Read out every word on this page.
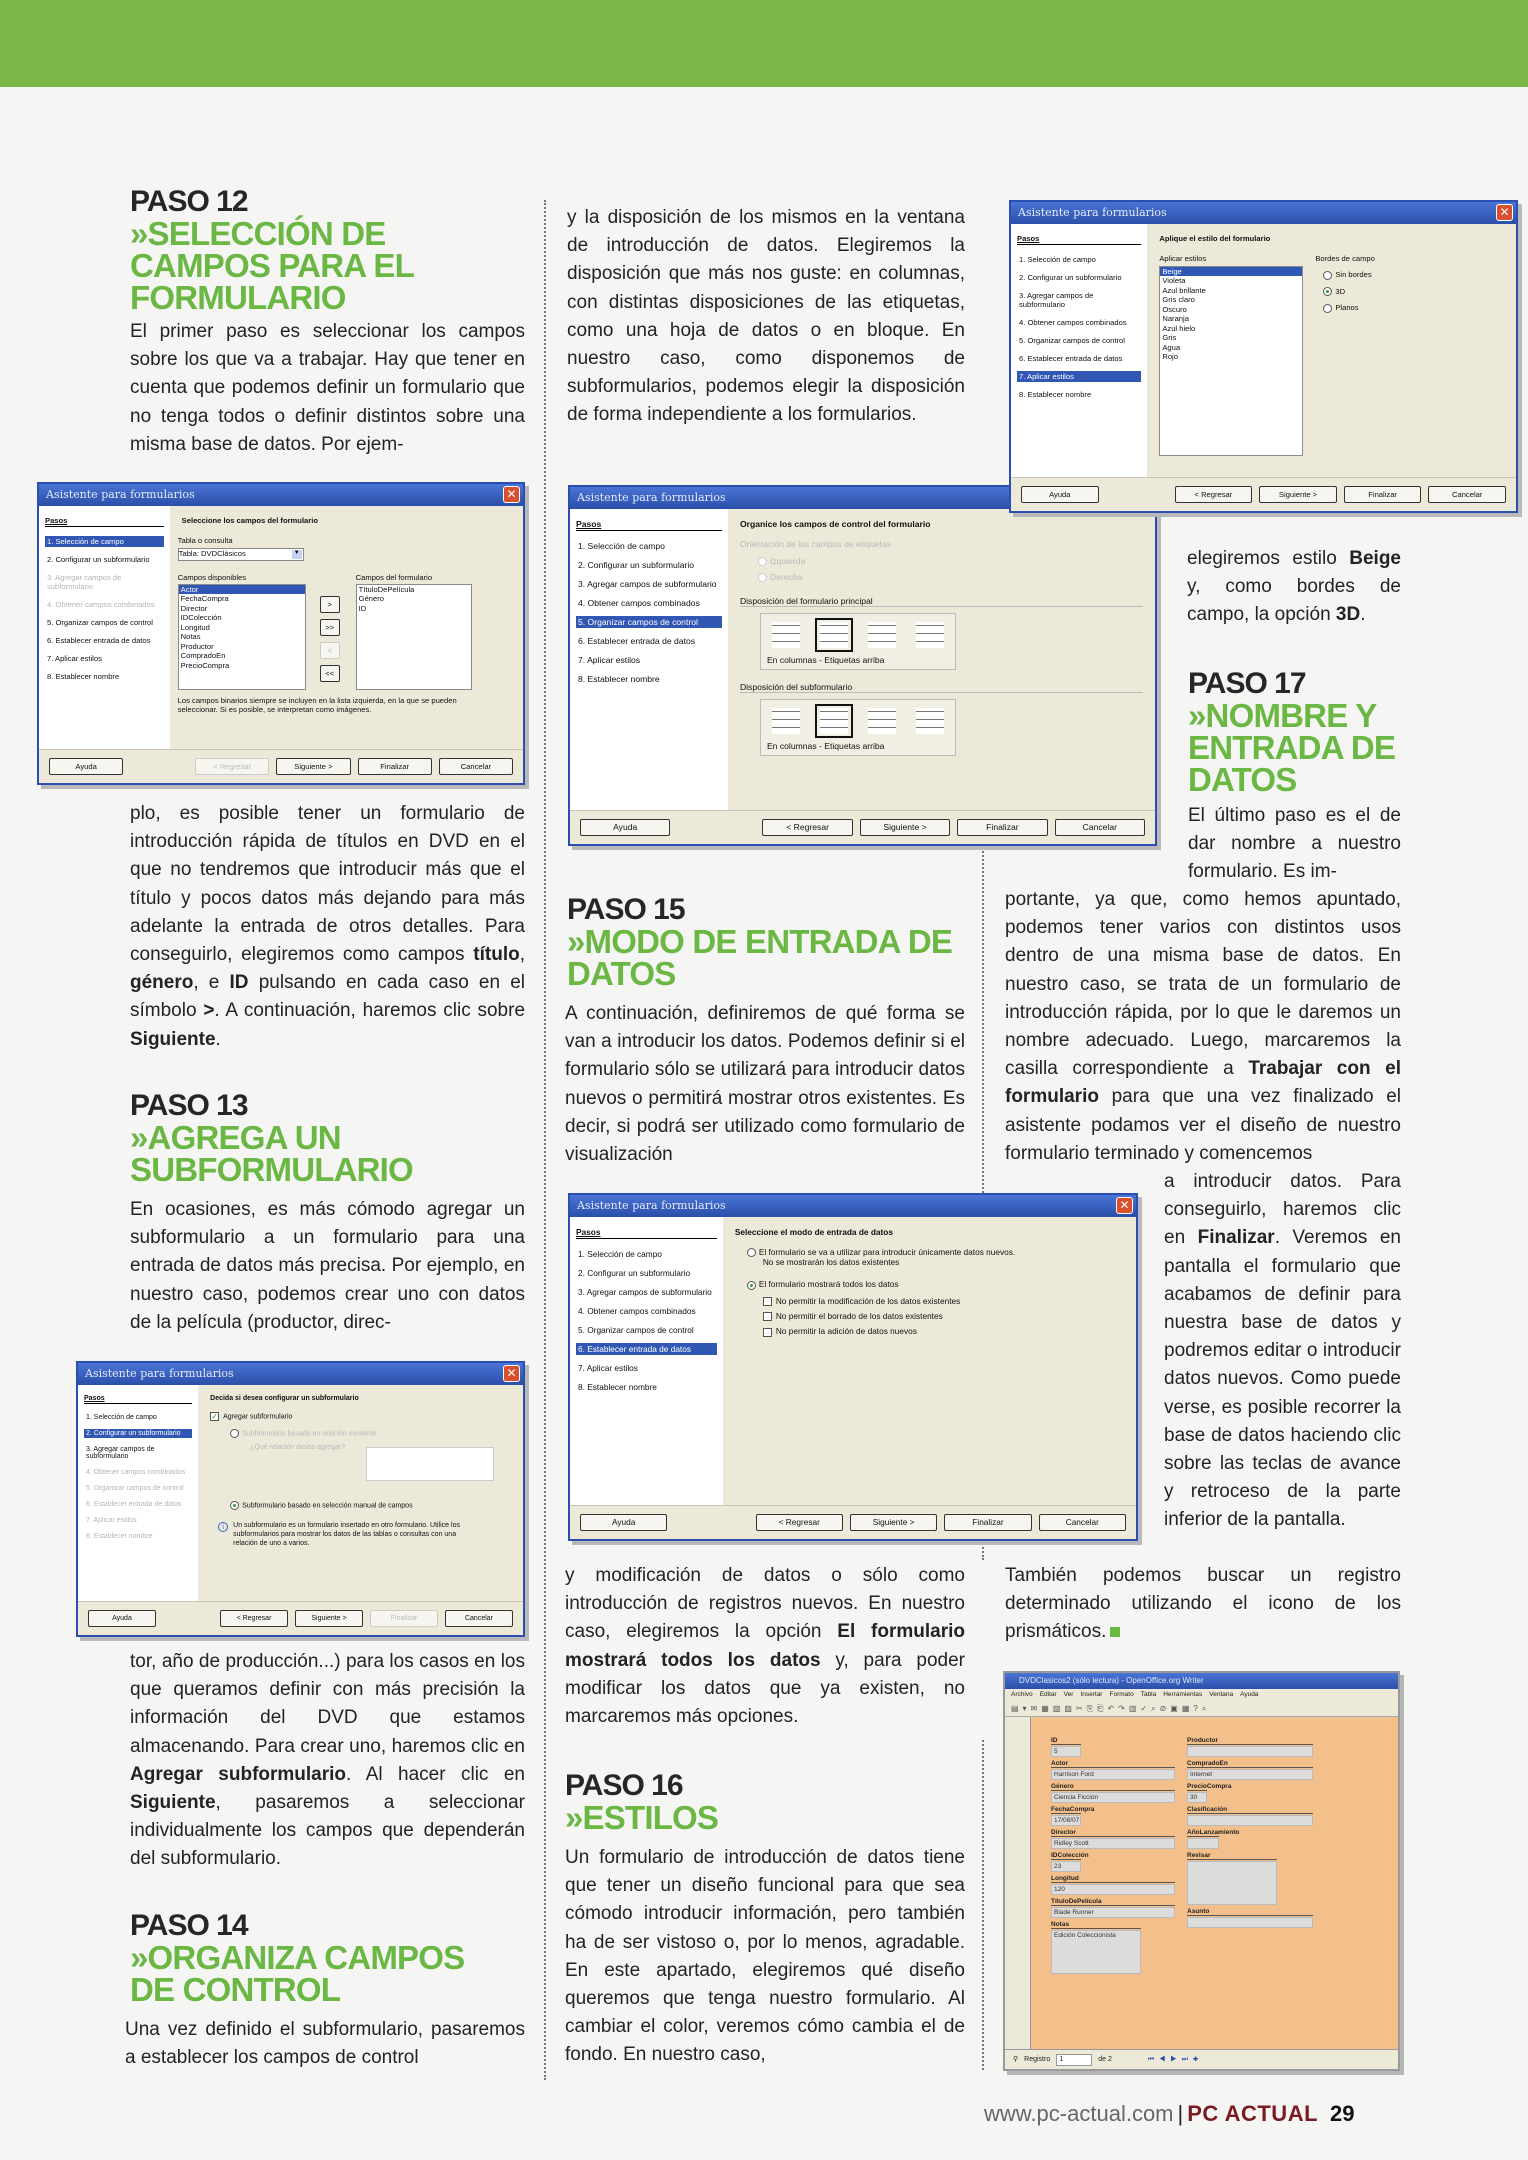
PASO 12
»SELECCIÓN DE CAMPOS PARA EL FORMULARIO
El primer paso es seleccionar los campos sobre los que va a trabajar. Hay que tener en cuenta que podemos definir un formulario que no tenga todos o definir distintos sobre una misma base de datos. Por ejem-
plo, es posible tener un formulario de introducción rápida de títulos en DVD en el que no tendremos que introducir más que el título y pocos datos más dejando para más adelante la entrada de otros detalles. Para conseguirlo, elegiremos como campos título, género, e ID pulsando en cada caso en el símbolo >. A continuación, haremos clic sobre Siguiente.
PASO 13
»AGREGA UN SUBFORMULARIO
En ocasiones, es más cómodo agregar un subformulario a un formulario para una entrada de datos más precisa. Por ejemplo, en nuestro caso, podemos crear uno con datos de la película (productor, direc-
tor, año de producción...) para los casos en los que queramos definir con más precisión la información del DVD que estamos almacenando. Para crear uno, haremos clic en Agregar subformulario. Al hacer clic en Siguiente, pasaremos a seleccionar individualmente los campos que dependerán del subformulario.
PASO 14
»ORGANIZA CAMPOS DE CONTROL
Una vez definido el subformulario, pasaremos a establecer los campos de control
y la disposición de los mismos en la ventana de introducción de datos. Elegiremos la disposición que más nos guste: en columnas, con distintas disposiciones de las etiquetas, como una hoja de datos o en bloque. En nuestro caso, como disponemos de subformularios, podemos elegir la disposición de forma independiente a los formularios.
PASO 15
»MODO DE ENTRADA DE DATOS
A continuación, definiremos de qué forma se van a introducir los datos. Podemos definir si el formulario sólo se utilizará para introducir datos nuevos o permitirá mostrar otros existentes. Es decir, si podrá ser utilizado como formulario de visualización
y modificación de datos o sólo como introducción de registros nuevos. En nuestro caso, elegiremos la opción El formulario mostrará todos los datos y, para poder modificar los datos que ya existen, no marcaremos más opciones.
PASO 16
»ESTILOS
Un formulario de introducción de datos tiene que tener un diseño funcional para que sea cómodo introducir información, pero también ha de ser vistoso o, por lo menos, agradable. En este apartado, elegiremos qué diseño queremos que tenga nuestro formulario. Al cambiar el color, veremos cómo cambia el de fondo. En nuestro caso,
elegiremos estilo Beige y, como bordes de campo, la opción 3D.
PASO 17
»NOMBRE Y ENTRADA DE DATOS
El último paso es el de dar nombre a nuestro formulario. Es im-
portante, ya que, como hemos apuntado, podemos tener varios con distintos usos dentro de una misma base de datos. En nuestro caso, se trata de un formulario de introducción rápida, por lo que le daremos un nombre adecuado. Luego, marcaremos la casilla correspondiente a Trabajar con el formulario para que una vez finalizado el asistente podamos ver el diseño de nuestro formulario terminado y comencemos
a introducir datos. Para conseguirlo, haremos clic en Finalizar. Veremos en pantalla el formulario que acabamos de definir para nuestra base de datos y podremos editar o introducir datos nuevos. Como puede verse, es posible recorrer la base de datos haciendo clic sobre las teclas de avance y retroceso de la parte inferior de la pantalla.
También podemos buscar un registro determinado utilizando el icono de los prismáticos.
Asistente para formularios	✕
Pasos
1. Selección de campo
2. Configurar un subformulario
3. Agregar campos de subformulario
4. Obtener campos combinados
5. Organizar campos de control
6. Establecer entrada de datos
7. Aplicar estilos
8. Establecer nombre
Seleccione los campos del formulario
Tabla o consulta
Tabla: DVDClásicos	▼
Campos disponibles
Actor
FechaCompra
Director
IDColección
Longitud
Notas
Productor
CompradoEn
PrecioCompra
>
>>
<
<<
Campos del formulario
TítuloDePelícula
Género
ID
Los campos binarios siempre se incluyen en la lista izquierda, en la que se pueden seleccionar. Si es posible, se interpretan como imágenes.
Ayuda	< Regresar	Siguiente >	Finalizar	Cancelar
Asistente para formularios	✕
Pasos
1. Selección de campo
2. Configurar un subformulario
3. Agregar campos de subformulario
4. Obtener campos combinados
5. Organizar campos de control
6. Establecer entrada de datos
7. Aplicar estilos
8. Establecer nombre
Decida si desea configurar un subformulario
✓ Agregar subformulario
Subformulario basado en relación existente
¿Qué relación desea agregar?
Subformulario basado en selección manual de campos
i	Un subformulario es un formulario insertado en otro formulario. Utilice los subformularios para mostrar los datos de las tablas o consultas con una relación de uno a varios.
Ayuda	< Regresar	Siguiente >	Finalizar	Cancelar
Asistente para formularios
Pasos
1. Selección de campo
2. Configurar un subformulario
3. Agregar campos de subformulario
4. Obtener campos combinados
5. Organizar campos de control
6. Establecer entrada de datos
7. Aplicar estilos
8. Establecer nombre
Organice los campos de control del formulario
Orientación de los campos de etiquetas
Izquierda
Derecha
Disposición del formulario principal
En columnas - Etiquetas arriba
Disposición del subformulario
En columnas - Etiquetas arriba
Ayuda	< Regresar	Siguiente >	Finalizar	Cancelar
Asistente para formularios	✕
Pasos
1. Selección de campo
2. Configurar un subformulario
3. Agregar campos de subformulario
4. Obtener campos combinados
5. Organizar campos de control
6. Establecer entrada de datos
7. Aplicar estilos
8. Establecer nombre
Aplique el estilo del formulario
Aplicar estilos
Beige
Violeta
Azul brillante
Gris claro
Oscuro
Naranja
Azul hielo
Gris
Agua
Rojo
Bordes de campo
Sin bordes
3D
Planos
Ayuda	< Regresar	Siguiente >	Finalizar	Cancelar
Asistente para formularios	✕
Pasos
1. Selección de campo
2. Configurar un subformulario
3. Agregar campos de subformulario
4. Obtener campos combinados
5. Organizar campos de control
6. Establecer entrada de datos
7. Aplicar estilos
8. Establecer nombre
Seleccione el modo de entrada de datos
El formulario se va a utilizar para introducir únicamente datos nuevos.
No se mostrarán los datos existentes
El formulario mostrará todos los datos
No permitir la modificación de los datos existentes
No permitir el borrado de los datos existentes
No permitir la adición de datos nuevos
Ayuda	< Regresar	Siguiente >	Finalizar	Cancelar
DVDClasicos2 (sólo lectura) - OpenOffice.org Writer
Archivo Editar Ver Insertar Formato Tabla Herramientas Ventana Ayuda
▤▾✉▦▧▨✂⎘⎗↶↷▥✓⌕⊘▣▦?⌕
ID
5
Actor
Harrison Ford
Género
Ciencia Ficción
FechaCompra
17/08/07
Director
Ridley Scott
IDColección
23
Longitud
120
TítuloDePelícula
Blade Runner
Notas
Edición Coleccionista
Productor
CompradoEn
Internet
PrecioCompra
30
Clasificación
AñoLanzamiento
Revisar
Asunto
⚲ Registro	1	de 2	⏮◀▶⏭✚
www.pc-actual.com | PC ACTUAL 29
